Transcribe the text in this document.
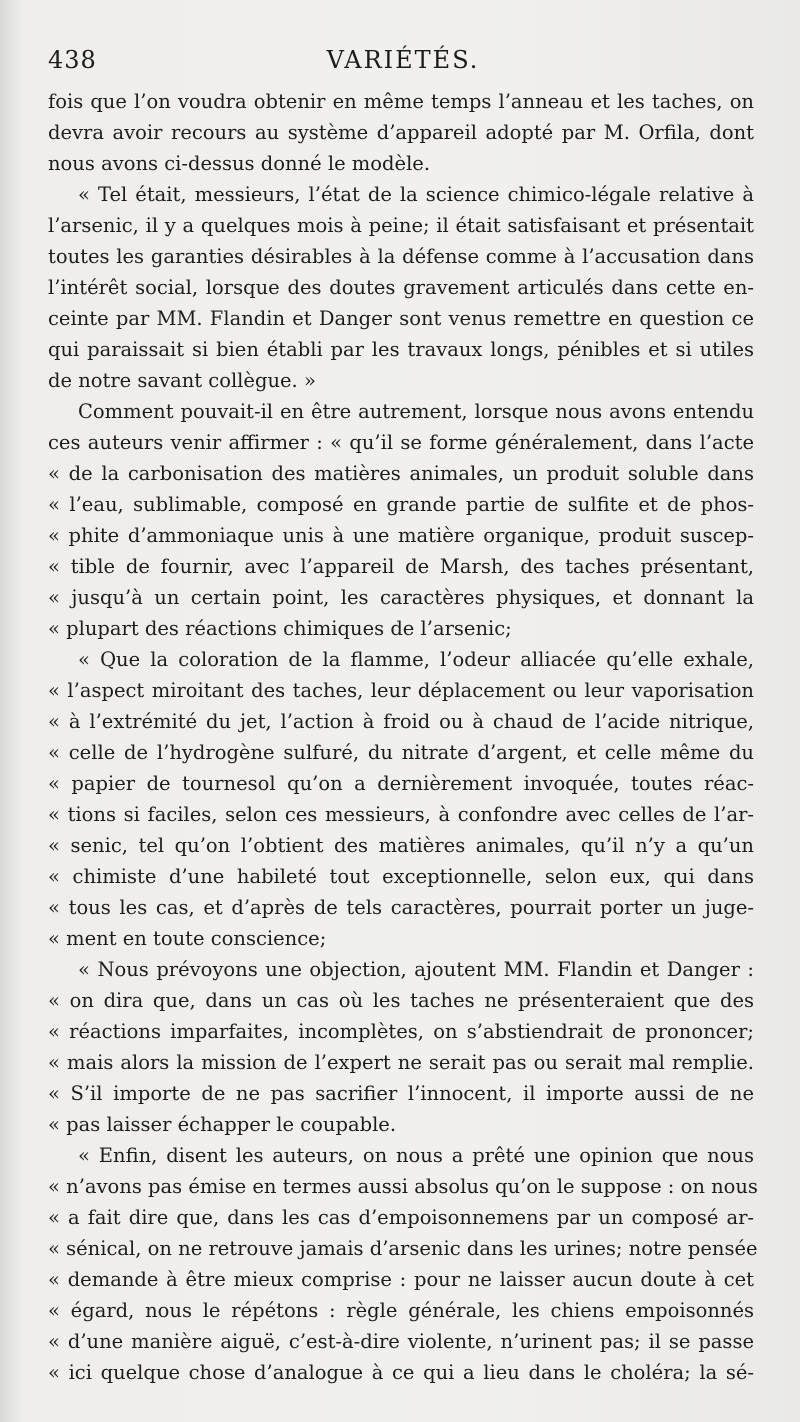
438	VARIÉTÉS.
fois que l’on voudra obtenir en même temps l’anneau et les taches, on
devra avoir recours au système d’appareil adopté par M. Orfila, dont
nous avons ci-dessus donné le modèle.
« Tel était, messieurs, l’état de la science chimico-légale relative à
l’arsenic, il y a quelques mois à peine; il était satisfaisant et présentait
toutes les garanties désirables à la défense comme à l’accusation dans
l’intérêt social, lorsque des doutes gravement articulés dans cette en-
ceinte par MM. Flandin et Danger sont venus remettre en question ce
qui paraissait si bien établi par les travaux longs, pénibles et si utiles
de notre savant collègue. »
Comment pouvait-il en être autrement, lorsque nous avons entendu
ces auteurs venir affirmer : « qu’il se forme généralement, dans l’acte
« de la carbonisation des matières animales, un produit soluble dans
« l’eau, sublimable, composé en grande partie de sulfite et de phos-
« phite d’ammoniaque unis à une matière organique, produit suscep-
« tible de fournir, avec l’appareil de Marsh, des taches présentant,
« jusqu’à un certain point, les caractères physiques, et donnant la
« plupart des réactions chimiques de l’arsenic;
« Que la coloration de la flamme, l’odeur alliacée qu’elle exhale,
« l’aspect miroitant des taches, leur déplacement ou leur vaporisation
« à l’extrémité du jet, l’action à froid ou à chaud de l’acide nitrique,
« celle de l’hydrogène sulfuré, du nitrate d’argent, et celle même du
« papier de tournesol qu’on a dernièrement invoquée, toutes réac-
« tions si faciles, selon ces messieurs, à confondre avec celles de l’ar-
« senic, tel qu’on l’obtient des matières animales, qu’il n’y a qu’un
« chimiste d’une habileté tout exceptionnelle, selon eux, qui dans
« tous les cas, et d’après de tels caractères, pourrait porter un juge-
« ment en toute conscience;
« Nous prévoyons une objection, ajoutent MM. Flandin et Danger :
« on dira que, dans un cas où les taches ne présenteraient que des
« réactions imparfaites, incomplètes, on s’abstiendrait de prononcer;
« mais alors la mission de l’expert ne serait pas ou serait mal remplie.
« S’il importe de ne pas sacrifier l’innocent, il importe aussi de ne
« pas laisser échapper le coupable.
« Enfin, disent les auteurs, on nous a prêté une opinion que nous
« n’avons pas émise en termes aussi absolus qu’on le suppose : on nous
« a fait dire que, dans les cas d’empoisonnemens par un composé ar-
« sénical, on ne retrouve jamais d’arsenic dans les urines; notre pensée
« demande à être mieux comprise : pour ne laisser aucun doute à cet
« égard, nous le répétons : règle générale, les chiens empoisonnés
« d’une manière aiguë, c’est-à-dire violente, n’urinent pas; il se passe
« ici quelque chose d’analogue à ce qui a lieu dans le choléra; la sé-
